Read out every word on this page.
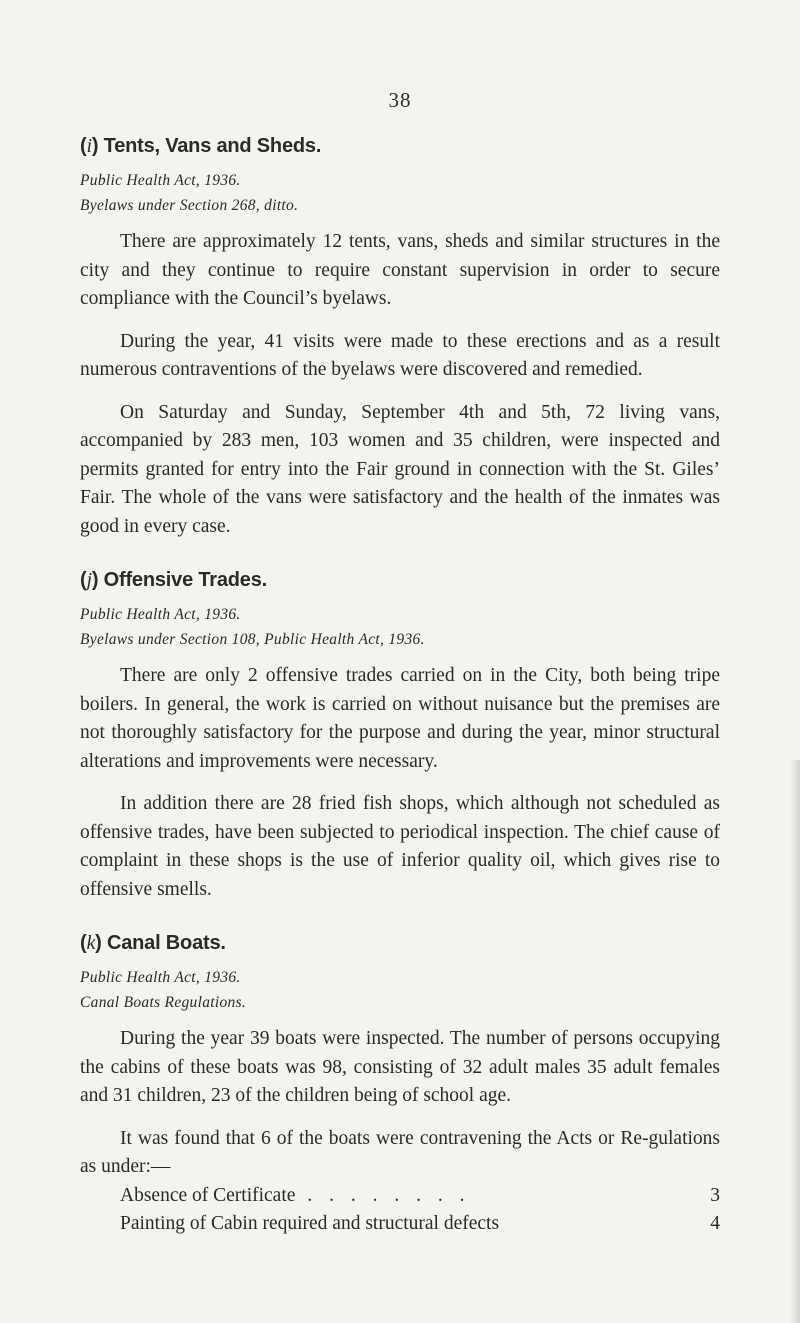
38
(i) Tents, Vans and Sheds.
Public Health Act, 1936.
Byelaws under Section 268, ditto.

There are approximately 12 tents, vans, sheds and similar structures in the city and they continue to require constant supervision in order to secure compliance with the Council’s byelaws.

During the year, 41 visits were made to these erections and as a result numerous contraventions of the byelaws were discovered and remedied.

On Saturday and Sunday, September 4th and 5th, 72 living vans, accompanied by 283 men, 103 women and 35 children, were inspected and permits granted for entry into the Fair ground in connection with the St. Giles’ Fair. The whole of the vans were satisfactory and the health of the inmates was good in every case.

(j) Offensive Trades.
Public Health Act, 1936.
Byelaws under Section 108, Public Health Act, 1936.

There are only 2 offensive trades carried on in the City, both being tripe boilers. In general, the work is carried on without nuisance but the premises are not thoroughly satisfactory for the purpose and during the year, minor structural alterations and improvements were necessary.

In addition there are 28 fried fish shops, which although not scheduled as offensive trades, have been subjected to periodical inspection. The chief cause of complaint in these shops is the use of inferior quality oil, which gives rise to offensive smells.

(k) Canal Boats.
Public Health Act, 1936.
Canal Boats Regulations.

During the year 39 boats were inspected. The number of persons occupying the cabins of these boats was 98, consisting of 32 adult males 35 adult females and 31 children, 23 of the children being of school age.

It was found that 6 of the boats were contravening the Acts or Re-gulations as under:—

Absence of Certificate . . . . . . . .	3
Painting of Cabin required and structural defects	4
